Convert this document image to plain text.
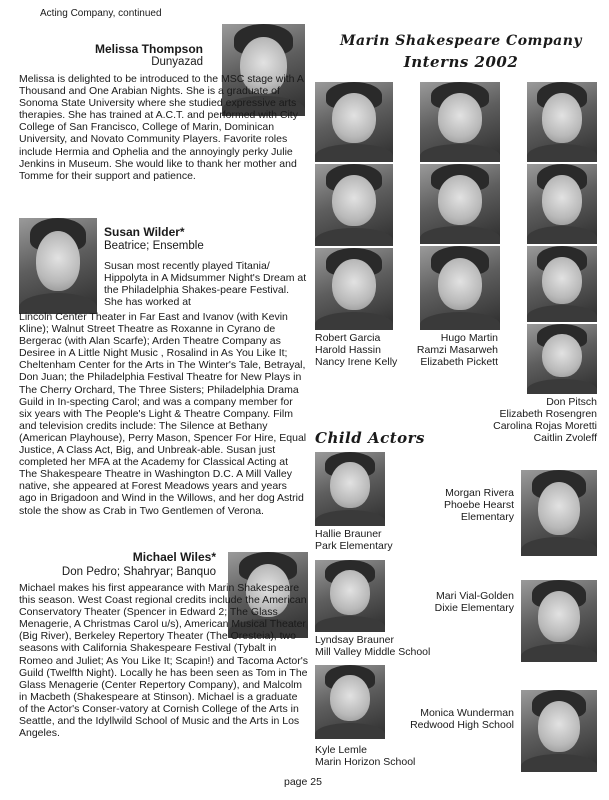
Acting Company, continued
Melissa Thompson
Dunyazad

Melissa is delighted to be introduced to the MSC stage with A Thousand and One Arabian Nights. She is a graduate of Sonoma State University where she studied expressive arts therapies. She has trained at A.C.T. and performed with City College of San Francisco, College of Marin, Dominican University, and Novato Community Players. Favorite roles include Hermia and Ophelia and the annoyingly perky Julie Jenkins in Museum. She would like to thank her mother and Tomme for their support and patience.

Susan Wilder*
Beatrice; Ensemble

Susan most recently played Titania/ Hippolyta in A Midsummer Night's Dream at the Philadelphia Shakes-peare Festival. She has worked at

Lincoln Center Theater in Far East and Ivanov (with Kevin Kline); Walnut Street Theatre as Roxanne in Cyrano de Bergerac (with Alan Scarfe); Arden Theatre Company as Desiree in A Little Night Music , Rosalind in As You Like It; Cheltenham Center for the Arts in The Winter's Tale, Betrayal, Don Juan; the Philadelphia Festival Theatre for New Plays in The Cherry Orchard, The Three Sisters; Philadelphia Drama Guild in In-specting Carol; and was a company member for six years with The People's Light & Theatre Company. Film and television credits include: The Silence at Bethany (American Playhouse), Perry Mason, Spencer For Hire, Equal Justice, A Class Act, Big, and Unbreak-able. Susan just completed her MFA at the Academy for Classical Acting at The Shakespeare Theatre in Washington D.C. A Mill Valley native, she appeared at Forest Meadows years and years ago in Brigadoon and Wind in the Willows, and her dog Astrid stole the show as Crab in Two Gentlemen of Verona.

Michael Wiles*
Don Pedro; Shahryar; Banquo

Michael makes his first appearance with Marin Shakespeare this season. West Coast regional credits include the American Conservatory Theater (Spencer in Edward 2; The Glass Menagerie, A Christmas Carol u/s), American Musical Theater (Big River), Berkeley Repertory Theater (The Oresteia), two seasons with California Shakespeare Festival (Tybalt in Romeo and Juliet; As You Like It; Scapin!) and Tacoma Actor's Guild (Twelfth Night). Locally he has been seen as Tom in The Glass Menagerie (Center Repertory Company), and Malcolm in Macbeth (Shakespeare at Stinson). Michael is a graduate of the Actor's Conser-vatory at Cornish College of the Arts in Seattle, and the Idyllwild School of Music and the Arts in Los Angeles.

Marin Shakespeare Company
Interns 2002
Robert Garcia
Harold Hassin
Nancy Irene Kelly
Hugo Martin
Ramzi Masarweh
Elizabeth Pickett
Don Pitsch
Elizabeth Rosengren
Carolina Rojas Moretti
Caitlin Zvoleff
Child Actors
Hallie Brauner
Park Elementary
Lyndsay Brauner
Mill Valley Middle School
Kyle Lemle
Marin Horizon School
Morgan Rivera
Phoebe Hearst Elementary
Mari Vial-Golden
Dixie Elementary
Monica Wunderman
Redwood High School
page 25
